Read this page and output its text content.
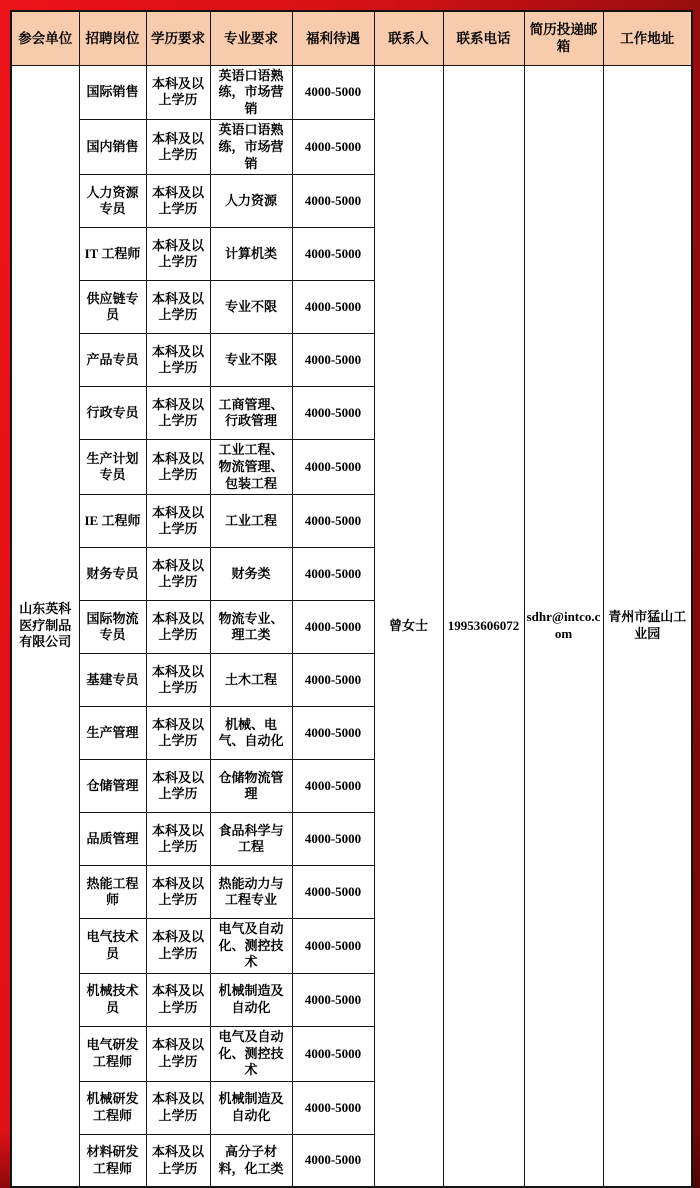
参会单位	招聘岗位	学历要求	专业要求	福利待遇	联系人	联系电话	简历投递邮箱	工作地址
山东英科医疗制品有限公司	国际销售	本科及以上学历	英语口语熟练，市场营销	4000-5000	曾女士	19953606072	sdhr@intco.com	青州市猛山工业园
	国内销售	本科及以上学历	英语口语熟练，市场营销	4000-5000				
	人力资源专员	本科及以上学历	人力资源	4000-5000				
	IT 工程师	本科及以上学历	计算机类	4000-5000				
	供应链专员	本科及以上学历	专业不限	4000-5000				
	产品专员	本科及以上学历	专业不限	4000-5000				
	行政专员	本科及以上学历	工商管理、行政管理	4000-5000				
	生产计划专员	本科及以上学历	工业工程、物流管理、包装工程	4000-5000				
	IE 工程师	本科及以上学历	工业工程	4000-5000				
	财务专员	本科及以上学历	财务类	4000-5000				
	国际物流专员	本科及以上学历	物流专业、理工类	4000-5000				
	基建专员	本科及以上学历	土木工程	4000-5000				
	生产管理	本科及以上学历	机械、电气、自动化	4000-5000				
	仓储管理	本科及以上学历	仓储物流管理	4000-5000				
	品质管理	本科及以上学历	食品科学与工程	4000-5000				
	热能工程师	本科及以上学历	热能动力与工程专业	4000-5000				
	电气技术员	本科及以上学历	电气及自动化、测控技术	4000-5000				
	机械技术员	本科及以上学历	机械制造及自动化	4000-5000				
	电气研发工程师	本科及以上学历	电气及自动化、测控技术	4000-5000				
	机械研发工程师	本科及以上学历	机械制造及自动化	4000-5000				
	材料研发工程师	本科及以上学历	高分子材料，化工类	4000-5000				
